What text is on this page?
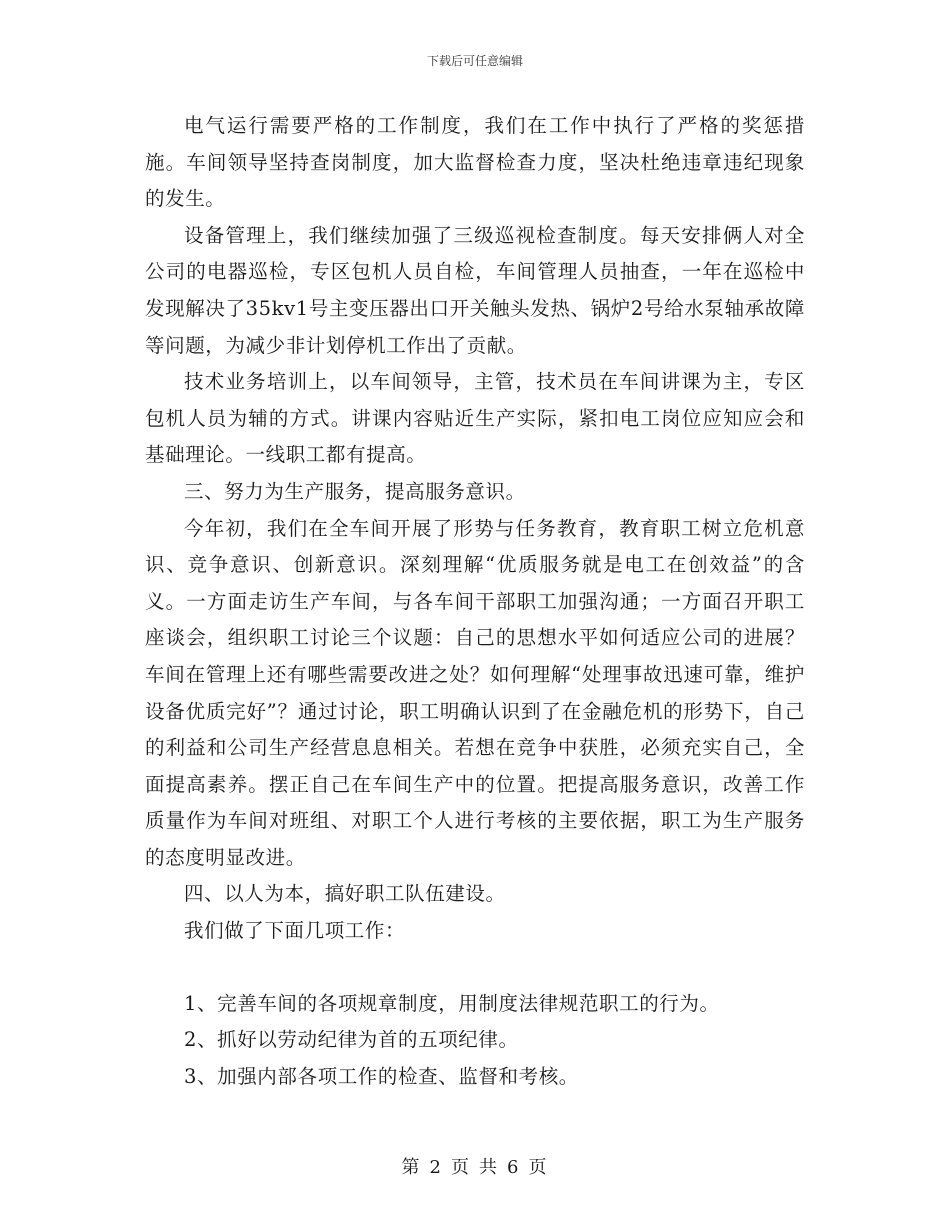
下载后可任意编辑

电气运行需要严格的工作制度，我们在工作中执行了严格的奖惩措施。车间领导坚持查岗制度，加大监督检查力度，坚决杜绝违章违纪现象的发生。

设备管理上，我们继续加强了三级巡视检查制度。每天安排俩人对全公司的电器巡检，专区包机人员自检，车间管理人员抽查，一年在巡检中发现解决了35kv1号主变压器出口开关触头发热、锅炉2号给水泵轴承故障等问题，为减少非计划停机工作出了贡献。

技术业务培训上，以车间领导，主管，技术员在车间讲课为主，专区包机人员为辅的方式。讲课内容贴近生产实际，紧扣电工岗位应知应会和基础理论。一线职工都有提高。

三、努力为生产服务，提高服务意识。

今年初，我们在全车间开展了形势与任务教育，教育职工树立危机意识、竞争意识、创新意识。深刻理解“优质服务就是电工在创效益”的含义。一方面走访生产车间，与各车间干部职工加强沟通；一方面召开职工座谈会，组织职工讨论三个议题：自己的思想水平如何适应公司的进展？车间在管理上还有哪些需要改进之处？如何理解“处理事故迅速可靠，维护设备优质完好”？通过讨论，职工明确认识到了在金融危机的形势下，自己的利益和公司生产经营息息相关。若想在竞争中获胜，必须充实自己，全面提高素养。摆正自己在车间生产中的位置。把提高服务意识，改善工作质量作为车间对班组、对职工个人进行考核的主要依据，职工为生产服务的态度明显改进。

四、以人为本，搞好职工队伍建设。

我们做了下面几项工作：

1、完善车间的各项规章制度，用制度法律规范职工的行为。

2、抓好以劳动纪律为首的五项纪律。

3、加强内部各项工作的检查、监督和考核。

第 2 页 共 6 页
